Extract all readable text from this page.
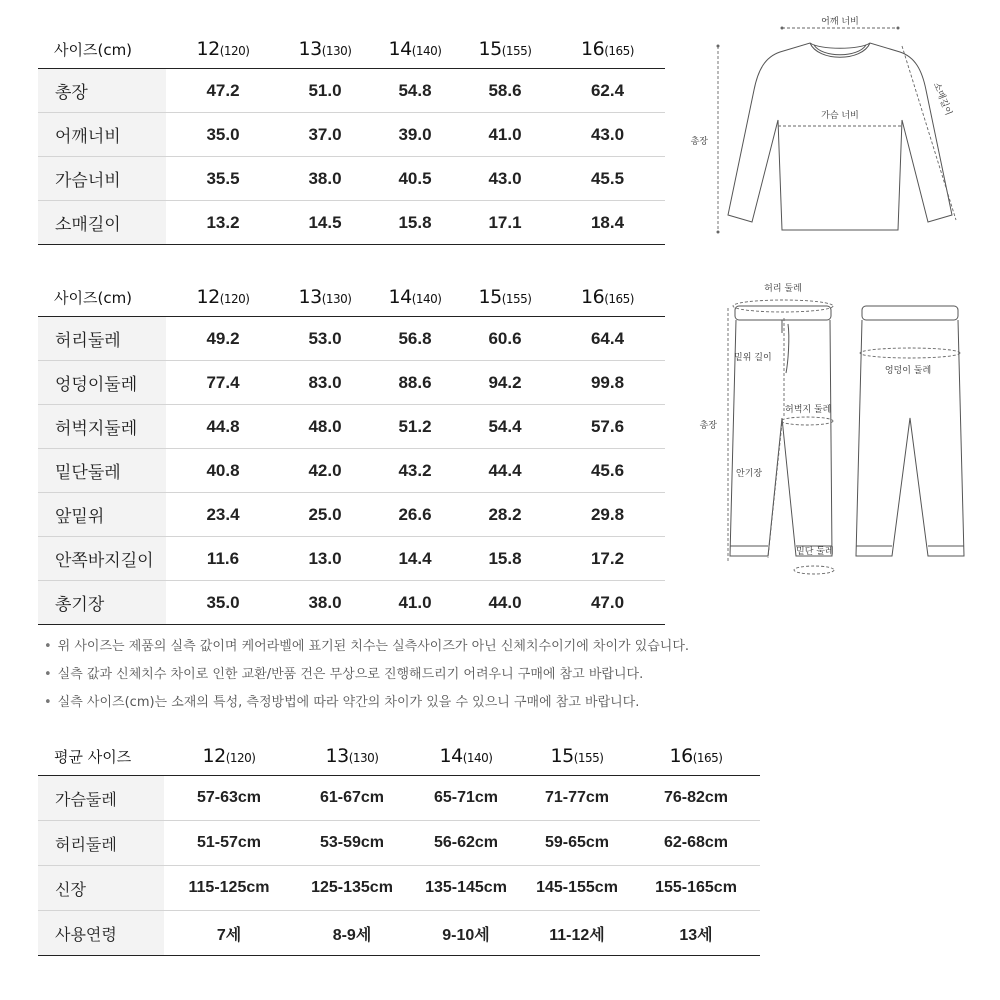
사이즈(cm)	12(120)	13(130)	14(140)	15(155)	16(165)
총장	47.2	51.0	54.8	58.6	62.4
어깨너비	35.0	37.0	39.0	41.0	43.0
가슴너비	35.5	38.0	40.5	43.0	45.5
소매길이	13.2	14.5	15.8	17.1	18.4
사이즈(cm)	12(120)	13(130)	14(140)	15(155)	16(165)
허리둘레	49.2	53.0	56.8	60.6	64.4
엉덩이둘레	77.4	83.0	88.6	94.2	99.8
허벅지둘레	44.8	48.0	51.2	54.4	57.6
밑단둘레	40.8	42.0	43.2	44.4	45.6
앞밑위	23.4	25.0	26.6	28.2	29.8
안쪽바지길이	11.6	13.0	14.4	15.8	17.2
총기장	35.0	38.0	41.0	44.0	47.0
• 위 사이즈는 제품의 실측 값이며 케어라벨에 표기된 치수는 실측사이즈가 아닌 신체치수이기에 차이가 있습니다.
• 실측 값과 신체치수 차이로 인한 교환/반품 건은 무상으로 진행해드리기 어려우니 구매에 참고 바랍니다.
• 실측 사이즈(cm)는 소재의 특성, 측정방법에 따라 약간의 차이가 있을 수 있으니 구매에 참고 바랍니다.
평균 사이즈	12(120)	13(130)	14(140)	15(155)	16(165)
가슴둘레	57-63cm	61-67cm	65-71cm	71-77cm	76-82cm
허리둘레	51-57cm	53-59cm	56-62cm	59-65cm	62-68cm
신장	115-125cm	125-135cm	135-145cm	145-155cm	155-165cm
사용연령	7세	8-9세	9-10세	11-12세	13세
어깨 너비
가슴 너비
총장
소매길이
허리 둘레
밑위 길이
허벅지 둘레
총장
안기장
밑단 둘레
엉덩이 둘레
